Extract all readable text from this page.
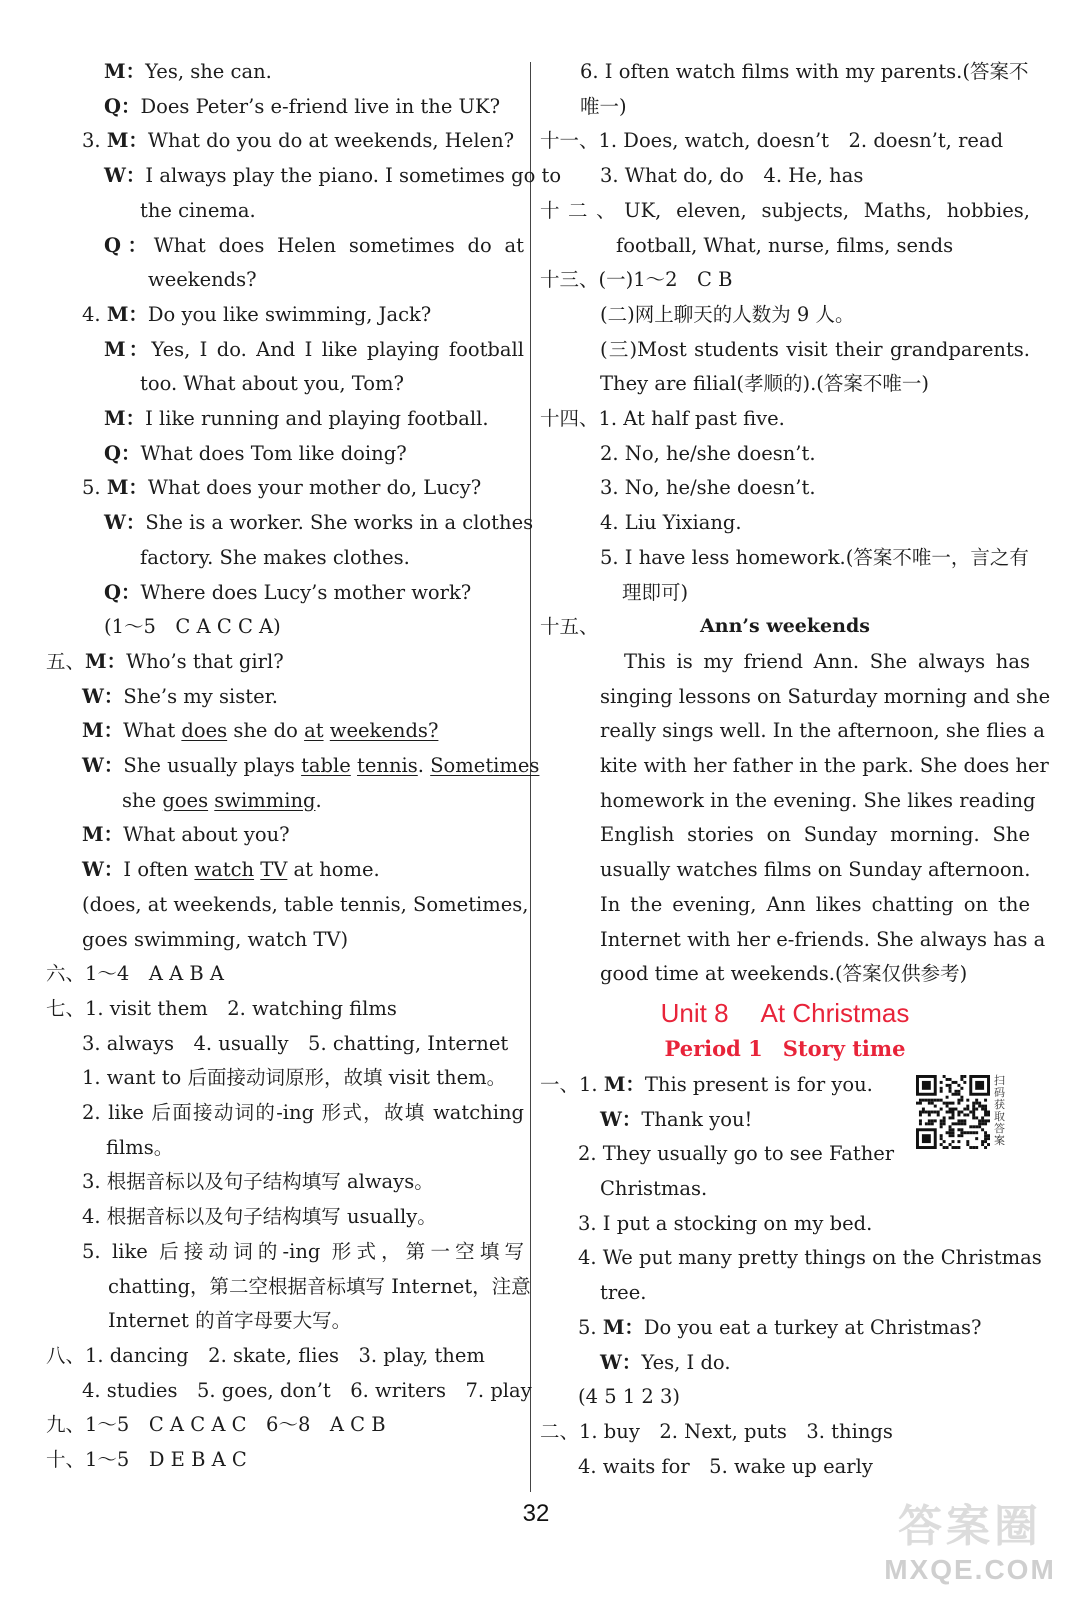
M：Yes, she can.
Q：Does Peter’s e-friend live in the UK?
3. M：What do you do at weekends, Helen?
W：I always play the piano. I sometimes go to
the cinema.
Q：What does Helen sometimes do at
weekends?
4. M：Do you like swimming, Jack?
M：Yes, I do. And I like playing football
too. What about you, Tom?
M：I like running and playing football.
Q：What does Tom like doing?
5. M：What does your mother do, Lucy?
W：She is a worker. She works in a clothes
factory. She makes clothes.
Q：Where does Lucy’s mother work?
(1～5　C A C C A)
五、M：Who’s that girl?
W：She’s my sister.
M：What does she do at weekends?
W：She usually plays table tennis. Sometimes
she goes swimming.
M：What about you?
W：I often watch TV at home.
(does, at weekends, table tennis, Sometimes,
goes swimming, watch TV)
六、1～4　A A B A
七、1. visit them　2. watching films
3. always　4. usually　5. chatting, Internet
1. want to 后面接动词原形，故填 visit them。
2. like 后面接动词的-ing 形式，故填 watching
films。
3. 根据音标以及句子结构填写 always。
4. 根据音标以及句子结构填写 usually。
5. like 后接动词的-ing 形式，第一空填写
chatting，第二空根据音标填写 Internet，注意
Internet 的首字母要大写。
八、1. dancing　2. skate, flies　3. play, them
4. studies　5. goes, don’t　6. writers　7. play
九、1～5　C A C A C　6～8　A C B
十、1～5　D E B A C
6. I often watch films with my parents.(答案不
唯一)
十一、1. Does, watch, doesn’t　2. doesn’t, read
3. What do, do　4. He, has
十二、UK, eleven, subjects, Maths, hobbies,
football, What, nurse, films, sends
十三、(一)1～2　C B
(二)网上聊天的人数为 9 人。
(三)Most students visit their grandparents.
They are filial(孝顺的).(答案不唯一)
十四、1. At half past five.
2. No, he/she doesn’t.
3. No, he/she doesn’t.
4. Liu Yixiang.
5. I have less homework.(答案不唯一，言之有
理即可)
十五、	Ann’s weekends
　This is my friend Ann. She always has
singing lessons on Saturday morning and she
really sings well. In the afternoon, she flies a
kite with her father in the park. She does her
homework in the evening. She likes reading
English stories on Sunday morning. She
usually watches films on Sunday afternoon.
In the evening, Ann likes chatting on the
Internet with her e-friends. She always has a
good time at weekends.(答案仅供参考)
Unit 8 At Christmas
Period 1 Story time
一、1. M：This present is for you.
W：Thank you!
2. They usually go to see Father
Christmas.
3. I put a stocking on my bed.
4. We put many pretty things on the Christmas
tree.
5. M：Do you eat a turkey at Christmas?
W：Yes, I do.
(4 5 1 2 3)
二、1. buy　2. Next, puts　3. things
4. waits for　5. wake up early
扫码获取答案
32	答案圈
MXQE.COM
